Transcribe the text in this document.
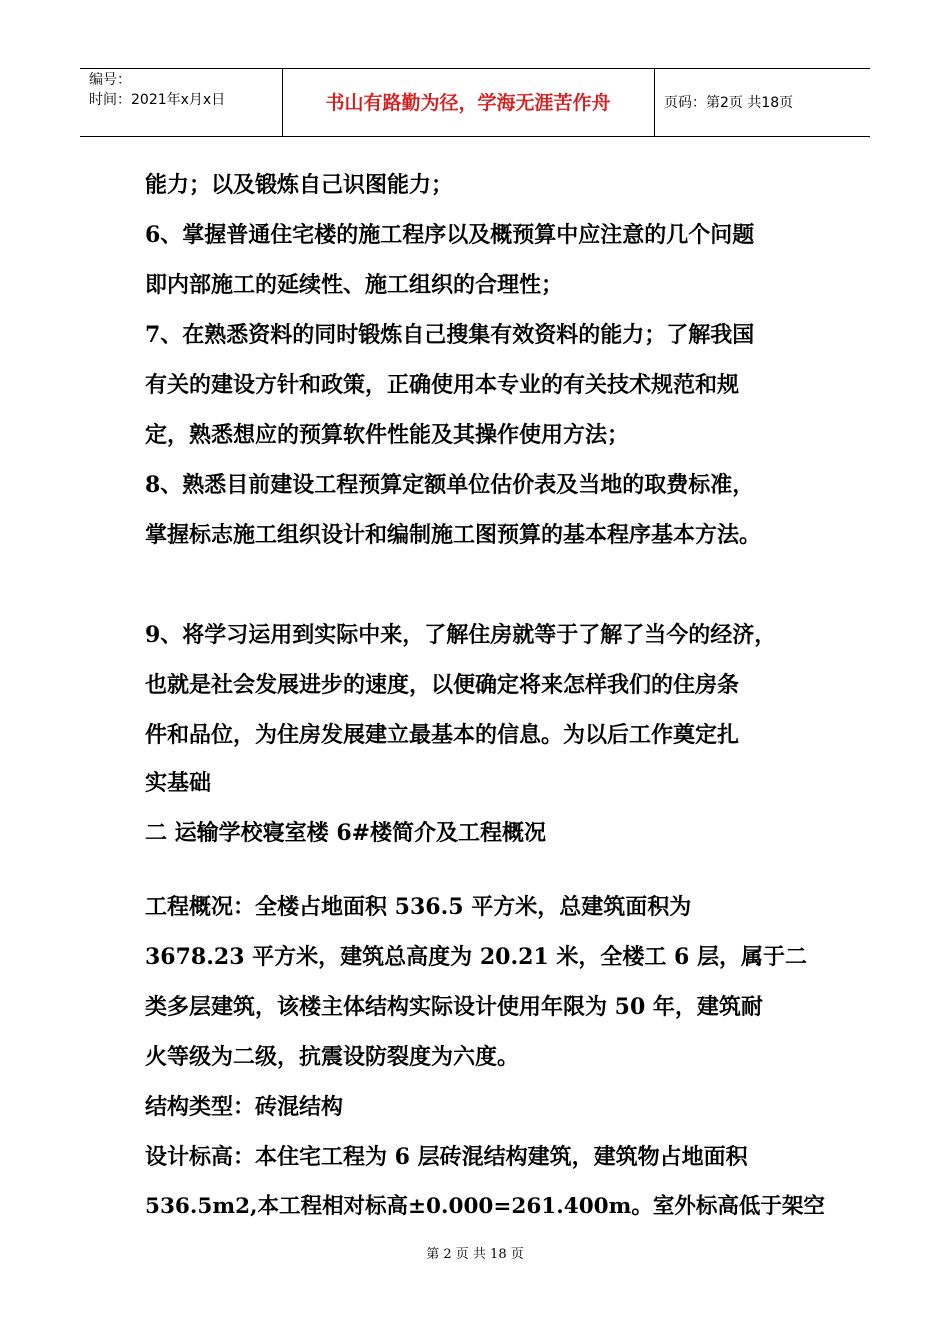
编号：
时间：2021年x月x日	书山有路勤为径，学海无涯苦作舟	页码：第2页 共18页
能力；以及锻炼自己识图能力；
6、掌握普通住宅楼的施工程序以及概预算中应注意的几个问题
即内部施工的延续性、施工组织的合理性；
7、在熟悉资料的同时锻炼自己搜集有效资料的能力；了解我国
有关的建设方针和政策，正确使用本专业的有关技术规范和规
定，熟悉想应的预算软件性能及其操作使用方法；
8、熟悉目前建设工程预算定额单位估价表及当地的取费标准，
掌握标志施工组织设计和编制施工图预算的基本程序基本方法。
9、将学习运用到实际中来，了解住房就等于了解了当今的经济，
也就是社会发展进步的速度，以便确定将来怎样我们的住房条
件和品位，为住房发展建立最基本的信息。为以后工作奠定扎
实基础
二 运输学校寝室楼 6#楼简介及工程概况
工程概况：全楼占地面积 536.5 平方米，总建筑面积为
3678.23 平方米，建筑总高度为 20.21 米，全楼工 6 层，属于二
类多层建筑，该楼主体结构实际设计使用年限为 50 年，建筑耐
火等级为二级，抗震设防裂度为六度。
结构类型：砖混结构
设计标高：本住宅工程为 6 层砖混结构建筑，建筑物占地面积
536.5m2,本工程相对标高±0.000=261.400m。室外标高低于架空
第 2 页 共 18 页
